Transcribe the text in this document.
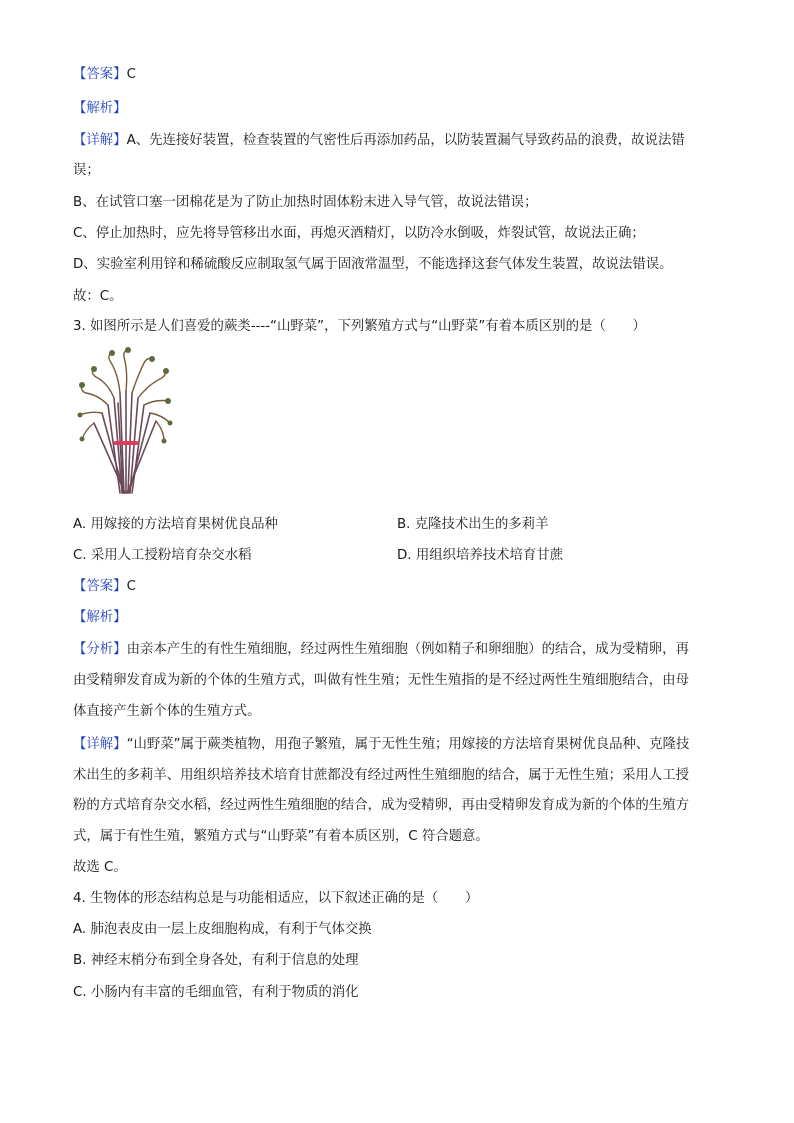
【答案】C
【解析】
【详解】A、先连接好装置，检查装置的气密性后再添加药品，以防装置漏气导致药品的浪费，故说法错
误；
B、在试管口塞一团棉花是为了防止加热时固体粉末进入导气管，故说法错误；
C、停止加热时，应先将导管移出水面，再熄灭酒精灯，以防冷水倒吸，炸裂试管，故说法正确；
D、实验室利用锌和稀硫酸反应制取氢气属于固液常温型，不能选择这套气体发生装置，故说法错误。
故：C。
3. 如图所示是人们喜爱的蕨类----“山野菜”，下列繁殖方式与“山野菜”有着本质区别的是（　　）
A. 用嫁接的方法培育果树优良品种	B. 克隆技术出生的多莉羊
C. 采用人工授粉培育杂交水稻	D. 用组织培养技术培育甘蔗
【答案】C
【解析】
【分析】由亲本产生的有性生殖细胞，经过两性生殖细胞（例如精子和卵细胞）的结合，成为受精卵，再
由受精卵发育成为新的个体的生殖方式，叫做有性生殖；无性生殖指的是不经过两性生殖细胞结合，由母
体直接产生新个体的生殖方式。
【详解】“山野菜”属于蕨类植物，用孢子繁殖，属于无性生殖；用嫁接的方法培育果树优良品种、克隆技
术出生的多莉羊、用组织培养技术培育甘蔗都没有经过两性生殖细胞的结合，属于无性生殖；采用人工授
粉的方式培育杂交水稻，经过两性生殖细胞的结合，成为受精卵，再由受精卵发育成为新的个体的生殖方
式，属于有性生殖，繁殖方式与“山野菜”有着本质区别，C 符合题意。
故选 C。
4. 生物体的形态结构总是与功能相适应，以下叙述正确的是（　　）
A. 肺泡表皮由一层上皮细胞构成，有利于气体交换
B. 神经末梢分布到全身各处，有利于信息的处理
C. 小肠内有丰富的毛细血管，有利于物质的消化
